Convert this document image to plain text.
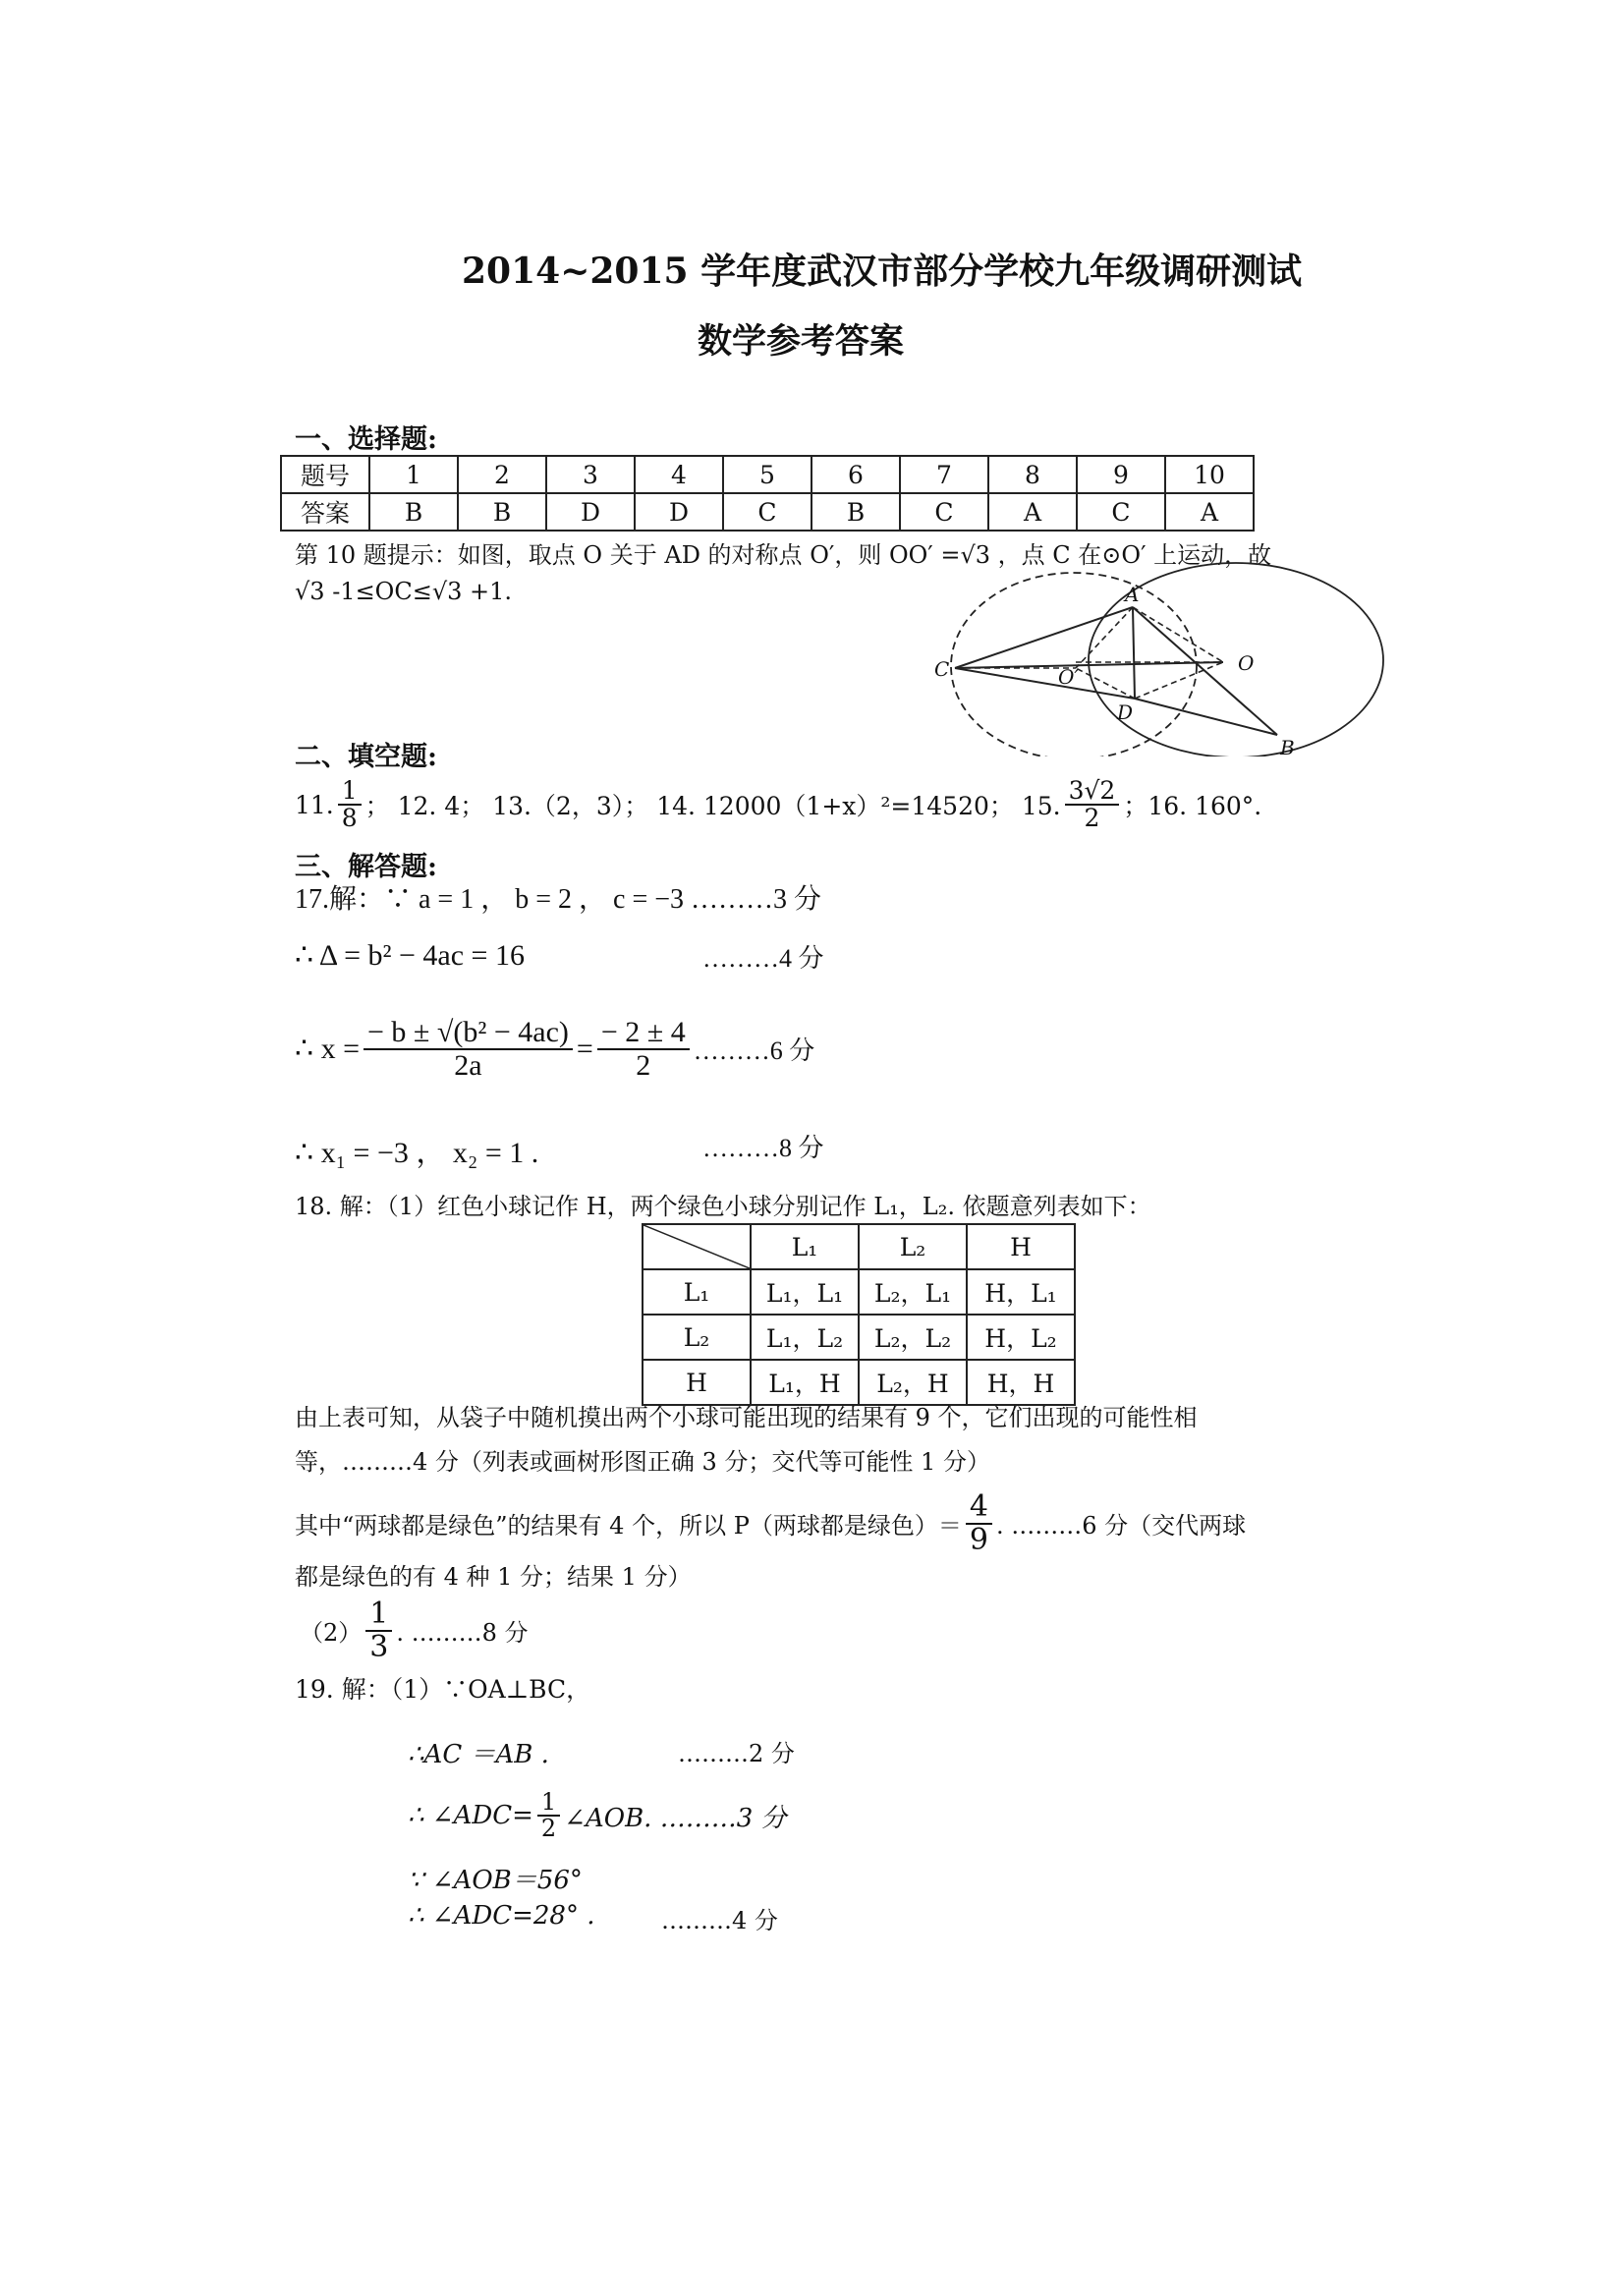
2014~2015 学年度武汉市部分学校九年级调研测试
数学参考答案
一、选择题:
题号	1	2	3	4	5	6	7	8	9	10
答案	B	B	D	D	C	B	C	A	C	A
第 10 题提示：如图，取点 O 关于 AD 的对称点 O′，则 OO′ =√3 ，点 C 在⊙O′ 上运动，故
√3 -1≤OC≤√3 +1.	A
B
C
D
O
O′
二、填空题:
11. $\frac{1}{8}$ ； 12. 4； 13.（2，3）； 14. 12000（1+x）²=14520； 15. $\frac{3√2}{2}$ ；16. 160°.
三、解答题:
17.解：∵ a = 1 ， b = 2 ， c = −3 ………3 分
∴ Δ = b² − 4ac = 16	………4 分
∴ $x = \frac{\text{− b ± √(b² − 4ac)}}{2a} = \frac{- 2 \pm 4}{2}$ ………6 分
∴ x₁ = −3 ， x₂ = 1 .	………8 分
18. 解：（1）红色小球记作 H，两个绿色小球分别记作 L₁，L₂. 依题意列表如下：
	L₁	L₂	H
L₁	L₁，L₁	L₂，L₁	H，L₁
L₂	L₁，L₂	L₂，L₂	H，L₂
H	L₁，H	L₂，H	H，H
由上表可知，从袋子中随机摸出两个小球可能出现的结果有 9 个，它们出现的可能性相
等，………4 分（列表或画树形图正确 3 分；交代等可能性 1 分）
其中“两球都是绿色”的结果有 4 个，所以 P（两球都是绿色）＝ $\frac{4}{9}$ . ………6 分（交代两球
都是绿色的有 4 种 1 分；结果 1 分）
$(2) \frac{1}{3}$ . ………8 分
19. 解：（1）∵OA⊥BC，
∴AC ＝AB .	………2 分
∴ ∠ADC= $\frac{1}{2}$ ∠AOB. ………3 分
∵ ∠AOB＝56°
∴ ∠ADC=28° .	………4 分
